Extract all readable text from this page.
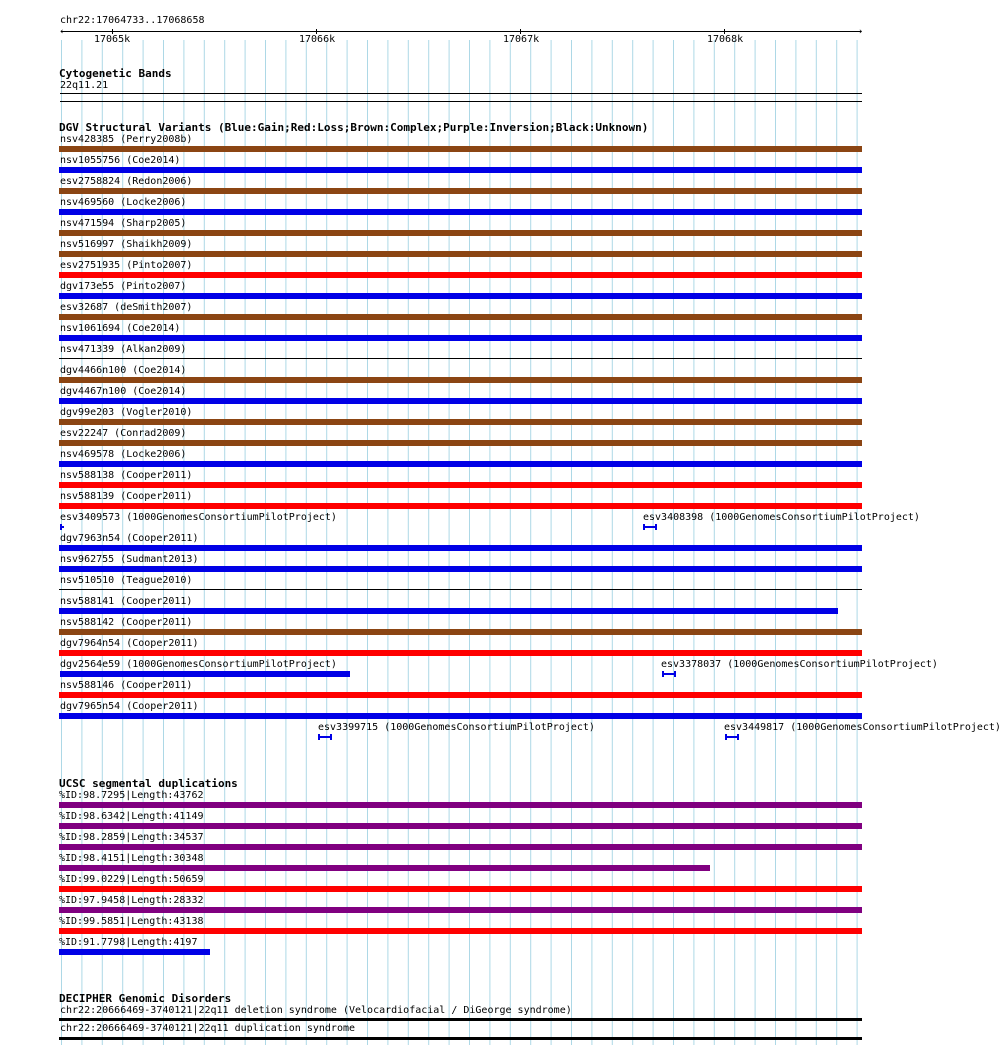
chr22:17064733..17068658
‹	›
17065k	17066k	17067k	17068k
Cytogenetic Bands
22q11.21
DGV Structural Variants (Blue:Gain;Red:Loss;Brown:Complex;Purple:Inversion;Black:Unknown)
nsv428385 (Perry2008b)
nsv1055756 (Coe2014)
esv2758824 (Redon2006)
nsv469560 (Locke2006)
nsv471594 (Sharp2005)
nsv516997 (Shaikh2009)
esv2751935 (Pinto2007)
dgv173e55 (Pinto2007)
esv32687 (deSmith2007)
nsv1061694 (Coe2014)
nsv471339 (Alkan2009)
dgv4466n100 (Coe2014)
dgv4467n100 (Coe2014)
dgv99e203 (Vogler2010)
esv22247 (Conrad2009)
nsv469578 (Locke2006)
nsv588138 (Cooper2011)
nsv588139 (Cooper2011)
esv3409573 (1000GenomesConsortiumPilotProject)	esv3408398 (1000GenomesConsortiumPilotProject)
dgv7963n54 (Cooper2011)
nsv962755 (Sudmant2013)
nsv510510 (Teague2010)
nsv588141 (Cooper2011)
nsv588142 (Cooper2011)
dgv7964n54 (Cooper2011)
dgv2564e59 (1000GenomesConsortiumPilotProject)	esv3378037 (1000GenomesConsortiumPilotProject)
nsv588146 (Cooper2011)
dgv7965n54 (Cooper2011)
esv3399715 (1000GenomesConsortiumPilotProject)	esv3449817 (1000GenomesConsortiumPilotProject)
UCSC segmental duplications
%ID:98.7295|Length:43762
%ID:98.6342|Length:41149
%ID:98.2859|Length:34537
%ID:98.4151|Length:30348
%ID:99.0229|Length:50659
%ID:97.9458|Length:28332
%ID:99.5851|Length:43138
%ID:91.7798|Length:4197
DECIPHER Genomic Disorders
chr22:20666469-3740121|22q11 deletion syndrome (Velocardiofacial / DiGeorge syndrome)
chr22:20666469-3740121|22q11 duplication syndrome
